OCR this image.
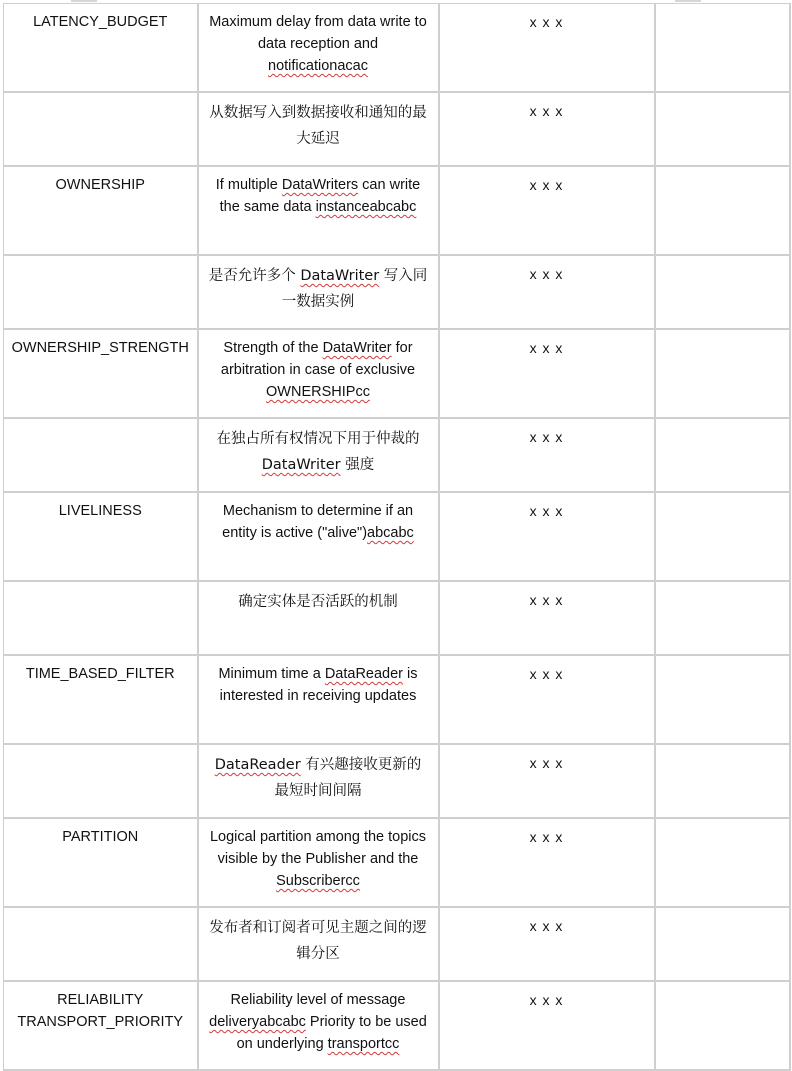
LATENCY_BUDGET	Maximum delay from data write to data reception and notificationacac	x x x	
	从数据写入到数据接收和通知的最大延迟	x x x	
OWNERSHIP	If multiple DataWriters can write the same data instanceabcabc	x x x	
	是否允许多个 DataWriter 写入同一数据实例	x x x	
OWNERSHIP_STRENGTH	Strength of the DataWriter for arbitration in case of exclusive OWNERSHIPcc	x x x	
	在独占所有权情况下用于仲裁的 DataWriter 强度	x x x	
LIVELINESS	Mechanism to determine if an entity is active ("alive")abcabc	x x x	
	确定实体是否活跃的机制	x x x	
TIME_BASED_FILTER	Minimum time a DataReader is interested in receiving updates	x x x	
	DataReader 有兴趣接收更新的最短时间间隔	x x x	
PARTITION	Logical partition among the topics visible by the Publisher and the Subscribercc	x x x	
	发布者和订阅者可见主题之间的逻辑分区	x x x	
RELIABILITY TRANSPORT_PRIORITY	Reliability level of message deliveryabcabc Priority to be used on underlying transportcc	x x x	
